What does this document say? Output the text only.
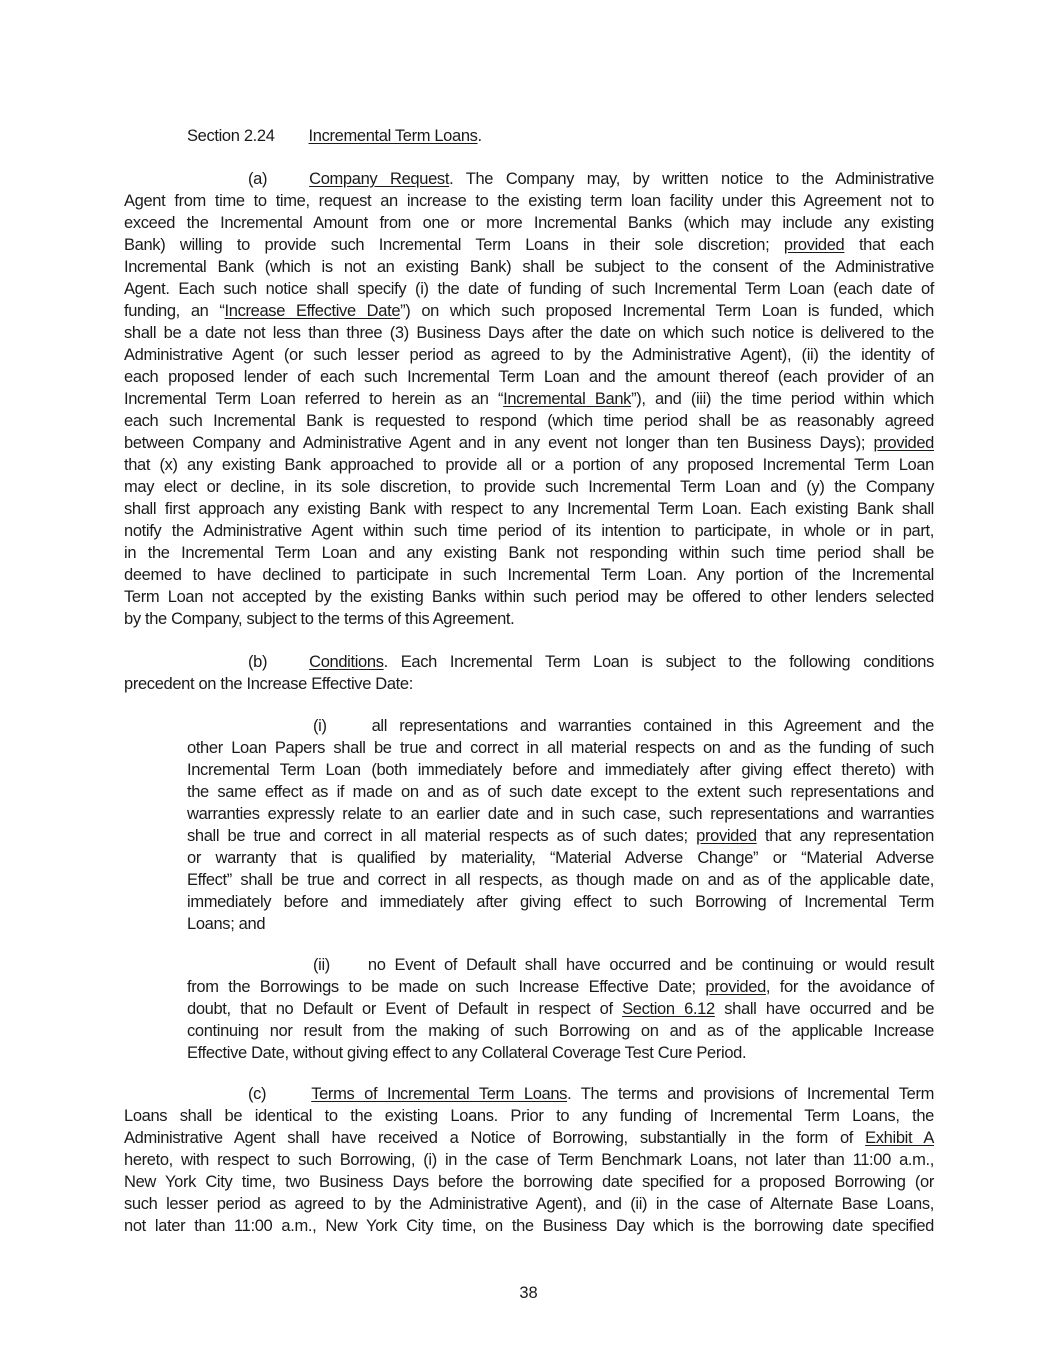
Section 2.24 Incremental Term Loans.
(a)	Company Request. The Company may, by written notice to the Administrative
Agent from time to time, request an increase to the existing term loan facility under this Agreement not to
exceed the Incremental Amount from one or more Incremental Banks (which may include any existing
Bank) willing to provide such Incremental Term Loans in their sole discretion; provided that each
Incremental Bank (which is not an existing Bank) shall be subject to the consent of the Administrative
Agent. Each such notice shall specify (i) the date of funding of such Incremental Term Loan (each date of
funding, an “Increase Effective Date”) on which such proposed Incremental Term Loan is funded, which
shall be a date not less than three (3) Business Days after the date on which such notice is delivered to the
Administrative Agent (or such lesser period as agreed to by the Administrative Agent), (ii) the identity of
each proposed lender of each such Incremental Term Loan and the amount thereof (each provider of an
Incremental Term Loan referred to herein as an “Incremental Bank”), and (iii) the time period within which
each such Incremental Bank is requested to respond (which time period shall be as reasonably agreed
between Company and Administrative Agent and in any event not longer than ten Business Days); provided
that (x) any existing Bank approached to provide all or a portion of any proposed Incremental Term Loan
may elect or decline, in its sole discretion, to provide such Incremental Term Loan and (y) the Company
shall first approach any existing Bank with respect to any Incremental Term Loan. Each existing Bank shall
notify the Administrative Agent within such time period of its intention to participate, in whole or in part,
in the Incremental Term Loan and any existing Bank not responding within such time period shall be
deemed to have declined to participate in such Incremental Term Loan. Any portion of the Incremental
Term Loan not accepted by the existing Banks within such period may be offered to other lenders selected
by the Company, subject to the terms of this Agreement.
(b)	Conditions. Each Incremental Term Loan is subject to the following conditions
precedent on the Increase Effective Date:
(i)	all representations and warranties contained in this Agreement and the
other Loan Papers shall be true and correct in all material respects on and as the funding of such
Incremental Term Loan (both immediately before and immediately after giving effect thereto) with
the same effect as if made on and as of such date except to the extent such representations and
warranties expressly relate to an earlier date and in such case, such representations and warranties
shall be true and correct in all material respects as of such dates; provided that any representation
or warranty that is qualified by materiality, “Material Adverse Change” or “Material Adverse
Effect” shall be true and correct in all respects, as though made on and as of the applicable date,
immediately before and immediately after giving effect to such Borrowing of Incremental Term
Loans; and
(ii) no Event of Default shall have occurred and be continuing or would result
from the Borrowings to be made on such Increase Effective Date; provided, for the avoidance of
doubt, that no Default or Event of Default in respect of Section 6.12 shall have occurred and be
continuing nor result from the making of such Borrowing on and as of the applicable Increase
Effective Date, without giving effect to any Collateral Coverage Test Cure Period.
(c)	Terms of Incremental Term Loans. The terms and provisions of Incremental Term
Loans shall be identical to the existing Loans. Prior to any funding of Incremental Term Loans, the
Administrative Agent shall have received a Notice of Borrowing, substantially in the form of Exhibit A
hereto, with respect to such Borrowing, (i) in the case of Term Benchmark Loans, not later than 11:00 a.m.,
New York City time, two Business Days before the borrowing date specified for a proposed Borrowing (or
such lesser period as agreed to by the Administrative Agent), and (ii) in the case of Alternate Base Loans,
not later than 11:00 a.m., New York City time, on the Business Day which is the borrowing date specified
38
